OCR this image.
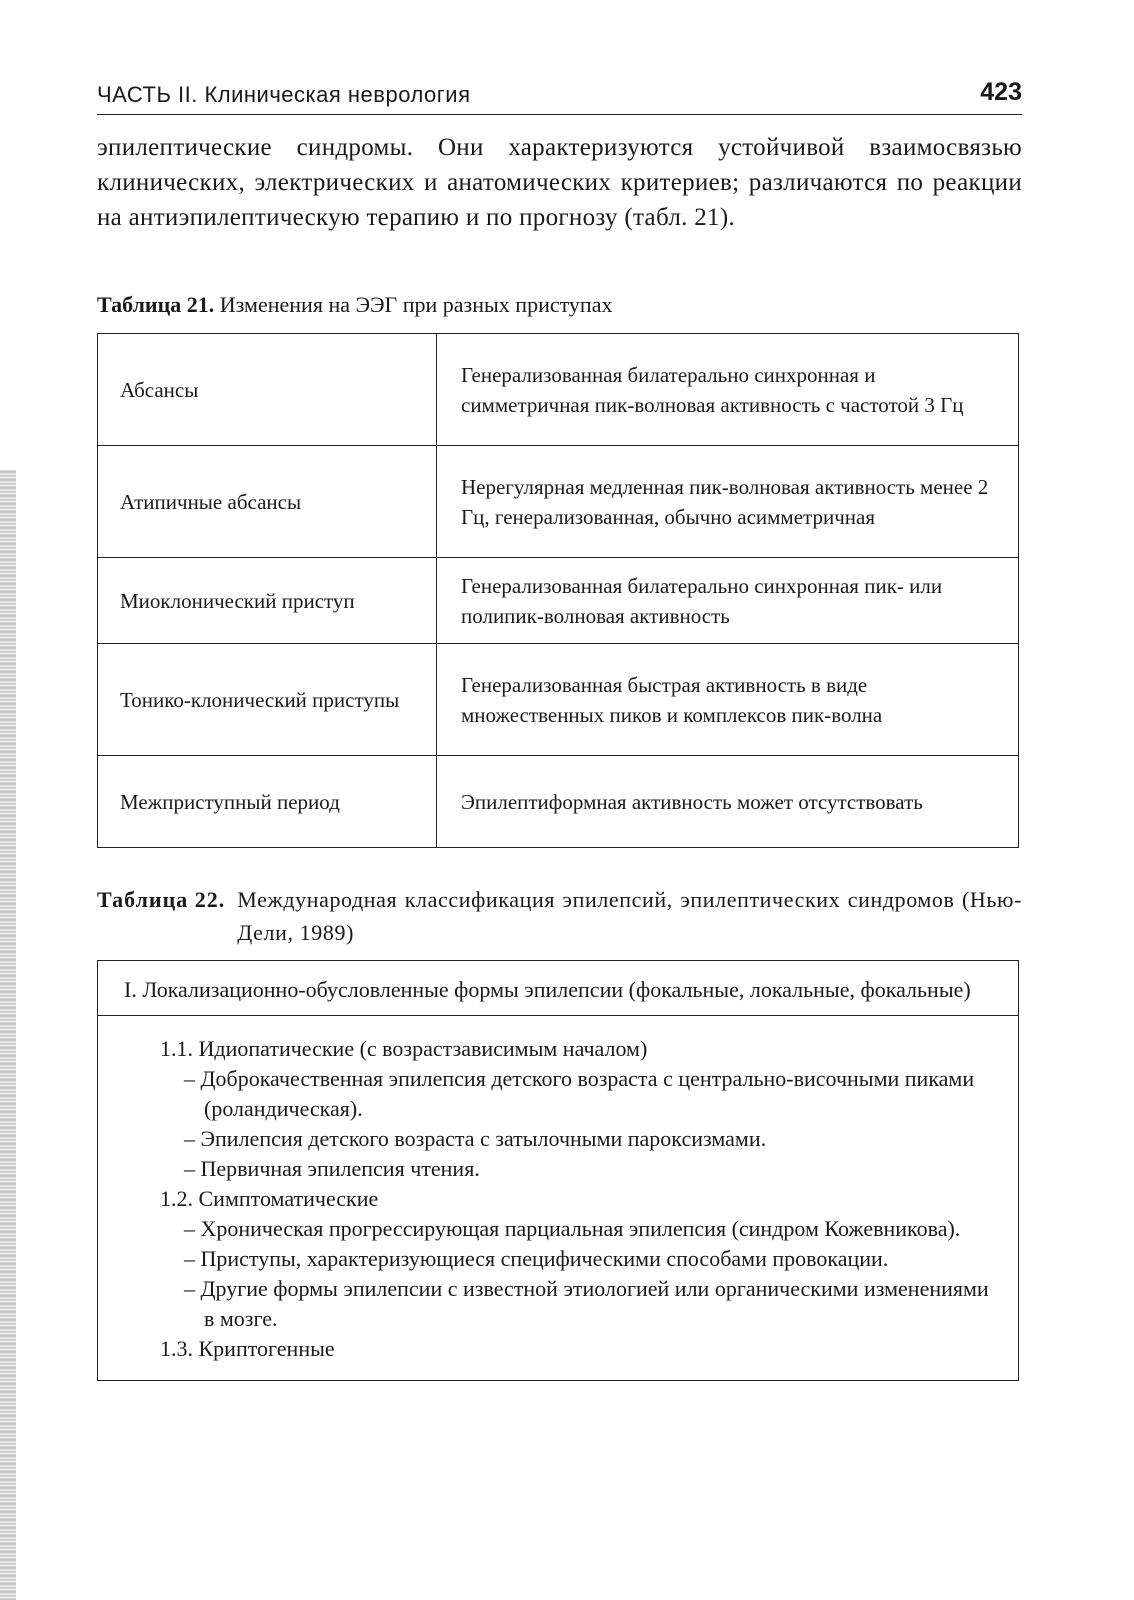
ЧАСТЬ II. Клиническая неврология	423

эпилептические синдромы. Они характеризуются устойчивой взаимосвязью клинических, электрических и анатомических критериев; различаются по реакции на антиэпилептическую терапию и по прогнозу (табл. 21).

Таблица 21. Изменения на ЭЭГ при разных приступах
Абсансы	Генерализованная билатерально синхронная и симметричная пик-волновая активность с частотой 3 Гц
Атипичные абсансы	Нерегулярная медленная пик-волновая активность менее 2 Гц, генерализованная, обычно асимметричная
Миоклонический приступ	Генерализованная билатерально синхронная пик- или полипик-волновая активность
Тонико-клонический приступы	Генерализованная быстрая активность в виде множественных пиков и комплексов пик-волна
Межприступный период	Эпилептиформная активность может отсутствовать
Таблица 22. Международная классификация эпилепсий, эпилептических синдромов (Нью-Дели, 1989)
I. Локализационно-обусловленные формы эпилепсии (фокальные, локальные, фокальные)
1.1. Идиопатические (с возрастзависимым началом)
– Доброкачественная эпилепсия детского возраста с центрально-височными пиками (роландическая).
– Эпилепсия детского возраста с затылочными пароксизмами.
– Первичная эпилепсия чтения.
1.2. Симптоматические
– Хроническая прогрессирующая парциальная эпилепсия (синдром Кожевникова).
– Приступы, характеризующиеся специфическими способами провокации.
– Другие формы эпилепсии с известной этиологией или органическими изменениями в мозге.
1.3. Криптогенные
